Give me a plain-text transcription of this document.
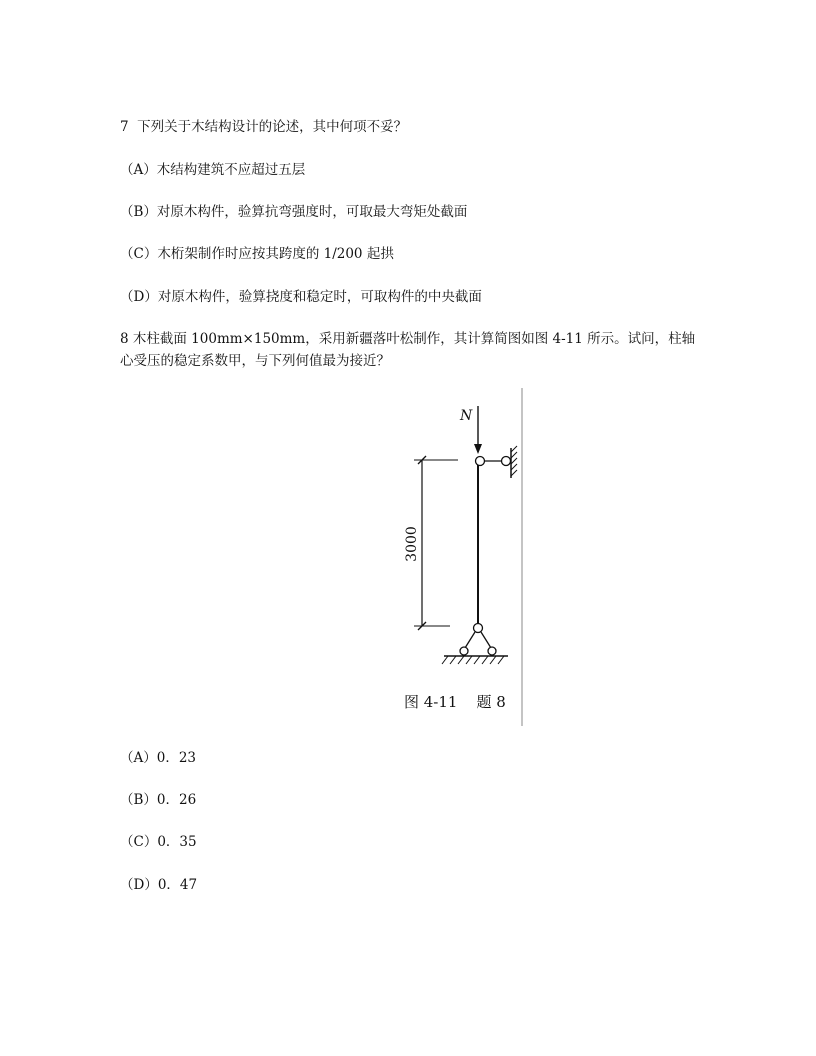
7  下列关于木结构设计的论述，其中何项不妥？
（A）木结构建筑不应超过五层
（B）对原木构件，验算抗弯强度时，可取最大弯矩处截面
（C）木桁架制作时应按其跨度的 1/200 起拱
（D）对原木构件，验算挠度和稳定时，可取构件的中央截面
8 木柱截面 100mm×150mm，采用新疆落叶松制作，其计算简图如图 4-11 所示。试问，柱轴心受压的稳定系数甲，与下列何值最为接近？
N
3000
图 4-11    题 8
（A）0．23
（B）0．26
（C）0．35
（D）0．47
